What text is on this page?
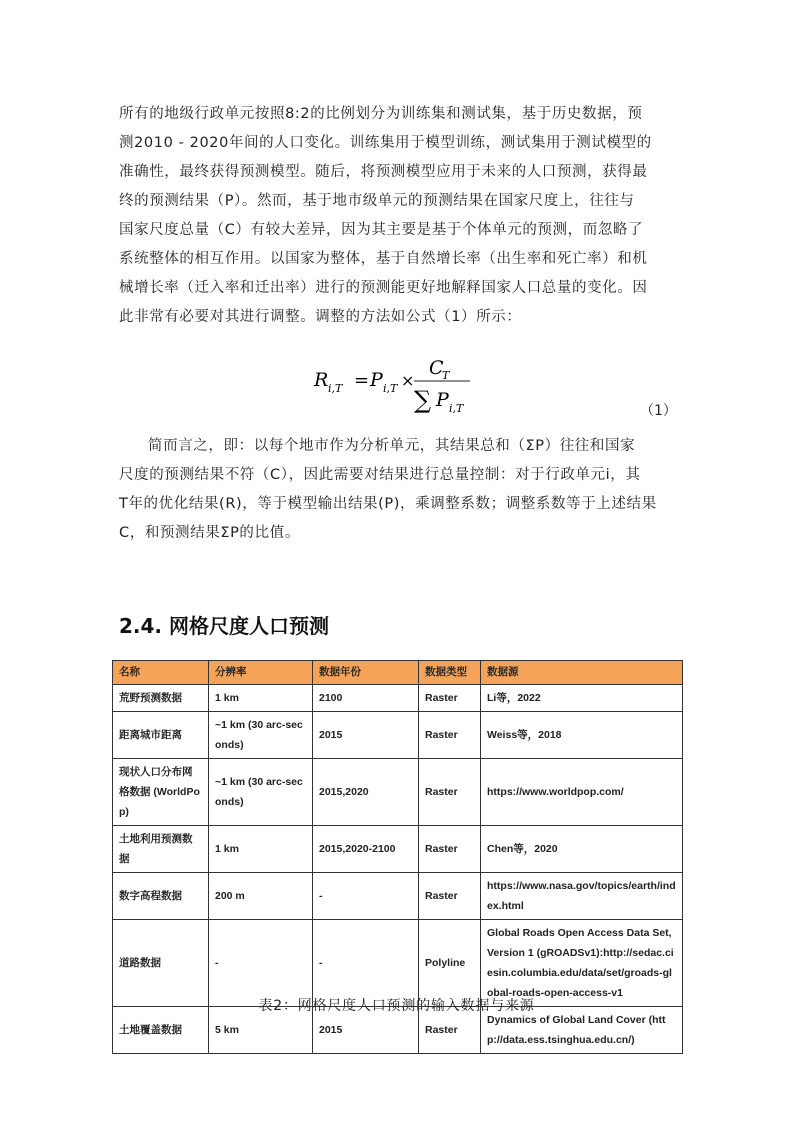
所有的地级行政单元按照8:2的比例划分为训练集和测试集，基于历史数据，预
测2010 - 2020年间的人口变化。训练集用于模型训练，测试集用于测试模型的
准确性，最终获得预测模型。随后，将预测模型应用于未来的人口预测，获得最
终的预测结果（P）。然而，基于地市级单元的预测结果在国家尺度上，往往与
国家尺度总量（C）有较大差异，因为其主要是基于个体单元的预测，而忽略了
系统整体的相互作用。以国家为整体，基于自然增长率（出生率和死亡率）和机
械增长率（迁入率和迁出率）进行的预测能更好地解释国家人口总量的变化。因
此非常有必要对其进行调整。调整的方法如公式（1）所示：
R i,T = P i,T ×
C
T
∑ P i,T	（1）
简而言之，即：以每个地市作为分析单元，其结果总和（ΣP）往往和国家
尺度的预测结果不符（C），因此需要对结果进行总量控制：对于行政单元i，其
T年的优化结果(R)，等于模型输出结果(P)，乘调整系数；调整系数等于上述结果
C，和预测结果ΣP的比值。
2.4. 网格尺度人口预测
名称	分辨率	数据年份	数据类型	数据源
荒野预测数据	1 km	2100	Raster	Li等，2022
距离城市距离	~1 km (30 arc-seconds)	2015	Raster	Weiss等，2018
现状人口分布网格数据 (WorldPop)	~1 km (30 arc-seconds)	2015,2020	Raster	https://www.worldpop.com/
土地利用预测数据	1 km	2015,2020-2100	Raster	Chen等，2020
数字高程数据	200 m	-	Raster	https://www.nasa.gov/topics/earth/index.html
道路数据	-	-	Polyline	Global Roads Open Access Data Set, Version 1 (gROADSv1):http://sedac.ciesin.columbia.edu/data/set/groads-global-roads-open-access-v1
土地覆盖数据	5 km	2015	Raster	Dynamics of Global Land Cover (http://data.ess.tsinghua.edu.cn/)
表2：网格尺度人口预测的输入数据与来源
